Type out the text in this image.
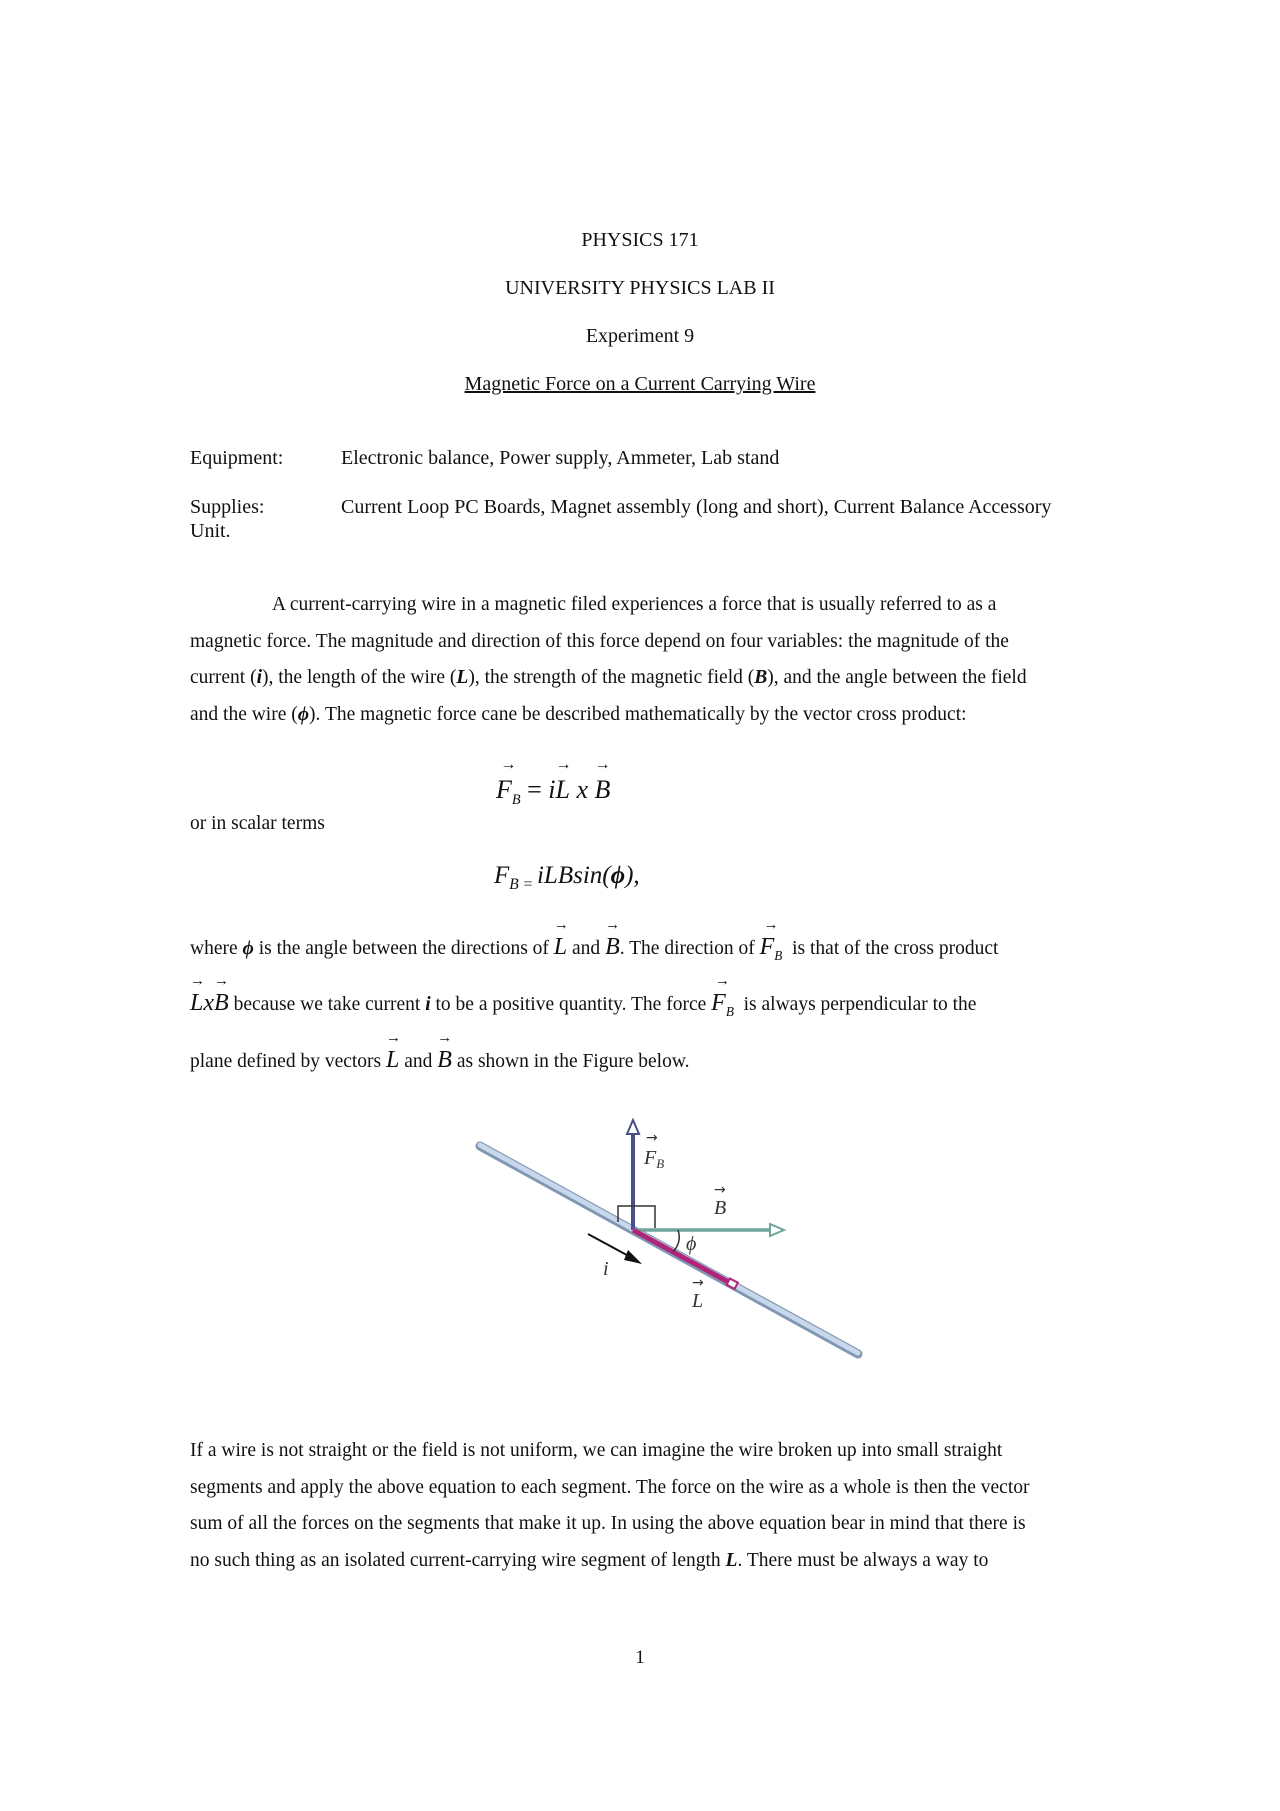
PHYSICS 171
UNIVERSITY PHYSICS LAB II
Experiment 9
Magnetic Force on a Current Carrying Wire
Equipment:	Electronic balance, Power supply, Ammeter, Lab stand
Supplies:	Current Loop PC Boards, Magnet assembly (long and short), Current Balance Accessory
Unit.

A current-carrying wire in a magnetic filed experiences a force that is usually referred to as a

magnetic force. The magnitude and direction of this force depend on four variables: the magnitude of the

current (i), the length of the wire (L), the strength of the magnetic field (B), and the angle between the field

and the wire (ϕ). The magnetic force cane be described mathematically by the vector cross product:

→ $F_B = i\to L$ x → B
or in scalar terms
$F_{B =}$ iLBsin(ϕ),
where ϕ is the angle between the directions of → L and → B. The direction of → $F_B$ is that of the cross product
→ Lx→ B because we take current i to be a positive quantity. The force → $F_B$ is always perpendicular to the
plane defined by vectors → L and → B as shown in the Figure below.
$F_B$
→
B
→
ϕ
L
→
i

If a wire is not straight or the field is not uniform, we can imagine the wire broken up into small straight

segments and apply the above equation to each segment. The force on the wire as a whole is then the vector

sum of all the forces on the segments that make it up. In using the above equation bear in mind that there is

no such thing as an isolated current-carrying wire segment of length L. There must be always a way to

1
